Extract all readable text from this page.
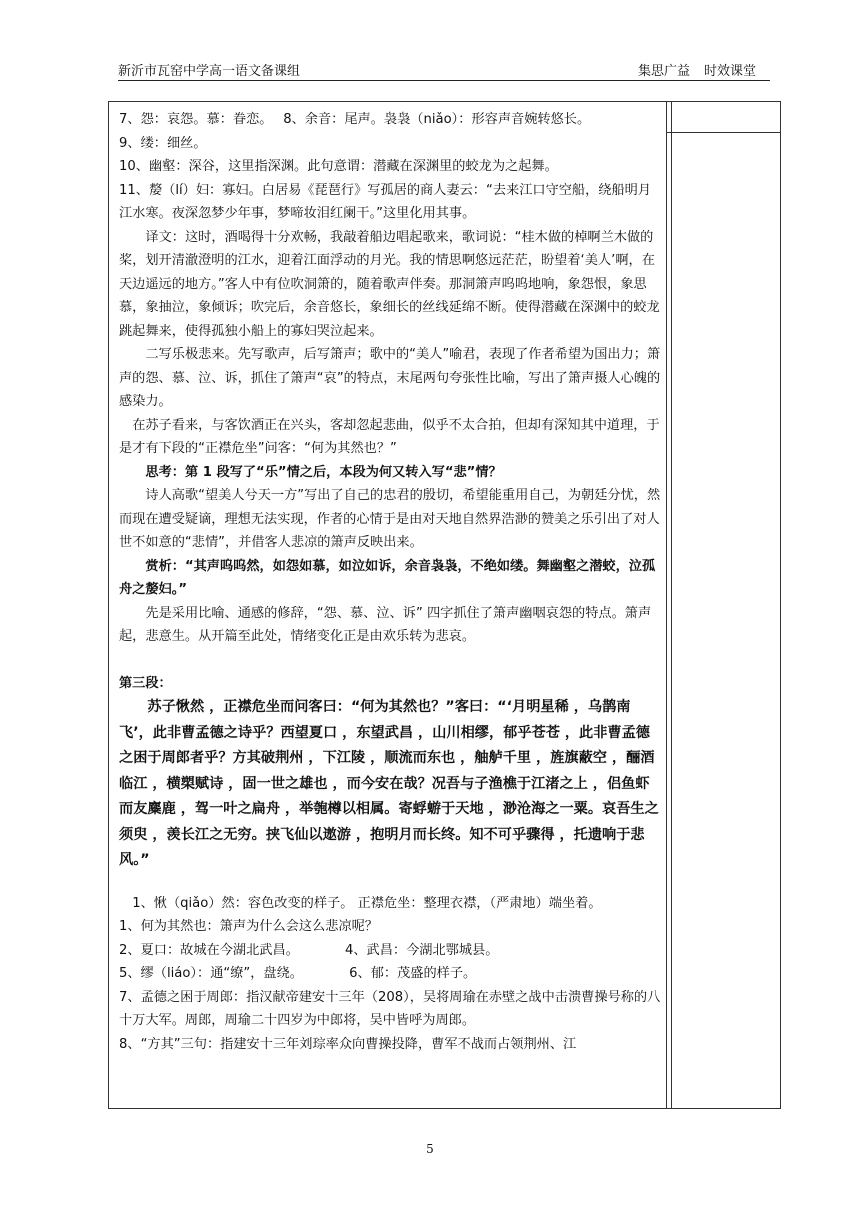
新沂市瓦窑中学高一语文备课组	集思广益 时效课堂

7、怨：哀怨。慕：眷恋。　 8、余音：尾声。袅袅（niǎo）：形容声音婉转悠长。

9、缕：细丝。

10、幽壑：深谷，这里指深渊。此句意谓：潜藏在深渊里的蛟龙为之起舞。

11、嫠（lí）妇：寡妇。白居易《琵琶行》写孤居的商人妻云：“去来江口守空船，绕船明月江水寒。夜深忽梦少年事，梦啼妆泪红阑干。”这里化用其事。

译文：这时，酒喝得十分欢畅，我敲着船边唱起歌来，歌词说：“桂木做的棹啊兰木做的桨，划开清澈澄明的江水，迎着江面浮动的月光。我的情思啊悠远茫茫，盼望着‘美人’啊，在天边遥远的地方。”客人中有位吹洞箫的，随着歌声伴奏。那洞箫声呜呜地响，象怨恨，象思慕，象抽泣，象倾诉；吹完后，余音悠长，象细长的丝线延绵不断。使得潜藏在深渊中的蛟龙跳起舞来，使得孤独小船上的寡妇哭泣起来。

二写乐极悲来。先写歌声，后写箫声；歌中的“美人”喻君，表现了作者希望为国出力；箫声的怨、慕、泣、诉，抓住了箫声“哀”的特点，末尾两句夸张性比喻，写出了箫声摄人心魄的感染力。

在苏子看来，与客饮酒正在兴头，客却忽起悲曲，似乎不太合拍，但却有深知其中道理，于是才有下段的“正襟危坐”问客：“何为其然也？”

思考：第 1 段写了“乐”情之后，本段为何又转入写“悲”情？

诗人高歌“望美人兮天一方”写出了自己的忠君的殷切，希望能重用自己，为朝廷分忧，然而现在遭受疑谪，理想无法实现，作者的心情于是由对天地自然界浩渺的赞美之乐引出了对人世不如意的“悲情”，并借客人悲凉的箫声反映出来。

赏析：“其声呜呜然，如怨如慕，如泣如诉，余音袅袅，不绝如缕。舞幽壑之潜蛟，泣孤舟之嫠妇。”

先是采用比喻、通感的修辞，“怨、慕、泣、诉” 四字抓住了箫声幽咽哀怨的特点。箫声起，悲意生。从开篇至此处，情绪变化正是由欢乐转为悲哀。

第三段：

苏子愀然 ，正襟危坐而问客曰：“何为其然也？”客曰：“‘月明星稀 ，乌鹊南飞’，此非曹孟德之诗乎？西望夏口 ，东望武昌 ，山川相缪，郁乎苍苍 ，此非曹孟德之困于周郎者乎？方其破荆州 ，下江陵 ，顺流而东也 ，舳舻千里 ，旌旗蔽空 ，酾酒临江 ，横槊赋诗 ，固一世之雄也 ，而今安在哉？况吾与子渔樵于江渚之上 ，侣鱼虾而友麋鹿 ，驾一叶之扁舟 ，举匏樽以相属。寄蜉蝣于天地 ，渺沧海之一粟。哀吾生之须臾 ，羡长江之无穷。挟飞仙以遨游 ，抱明月而长终。知不可乎骤得 ，托遗响于悲风。”

1、愀（qiǎo）然：容色改变的样子。 正襟危坐：整理衣襟，（严肃地）端坐着。

1、何为其然也：箫声为什么会这么悲凉呢？

2、夏口：故城在今湖北武昌。　　　　4、武昌：今湖北鄂城县。

5、缪（liáo）：通“缭”，盘绕。　　　　6、郁：茂盛的样子。

7、孟德之困于周郎：指汉献帝建安十三年（208），吴将周瑜在赤壁之战中击溃曹操号称的八十万大军。周郎，周瑜二十四岁为中郎将，吴中皆呼为周郎。

8、“方其”三句：指建安十三年刘琮率众向曹操投降，曹军不战而占领荆州、江

5
